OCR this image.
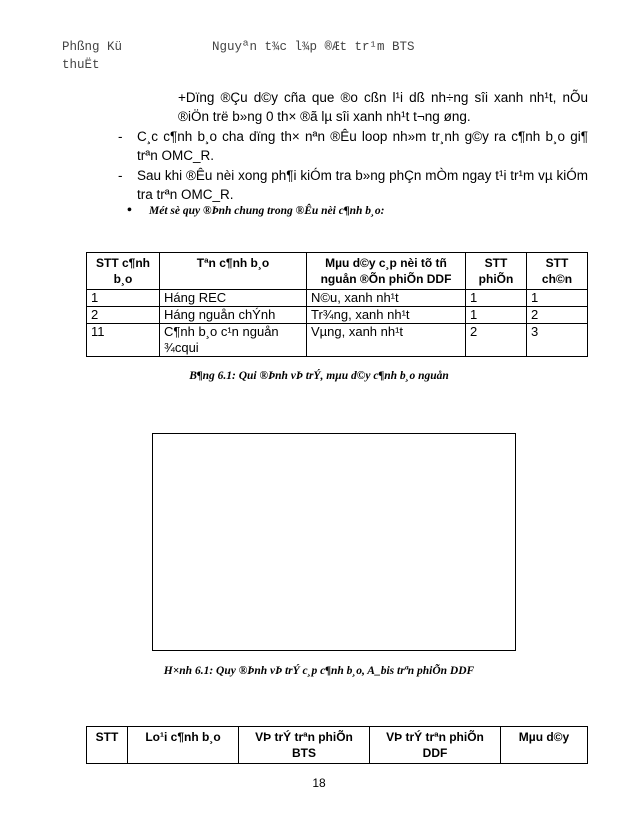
Phßng Kü thuËt
Nguyªn t¾c l¾p ®Æt tr¹m BTS
+Dïng ®Çu d©y cña que ®o cßn l¹i dß nh÷ng sîi xanh nh¹t, nÕu ®iÖn trë b»ng 0 th× ®ã lµ sîi xanh nh¹t t¬ng øng.
- C¸c c¶nh b¸o cha dïng th× nªn ®Êu loop nh»m tr¸nh g©y ra c¶nh b¸o gi¶ trªn OMC_R.
- Sau khi ®Êu nèi xong ph¶i kiÓm tra b»ng phÇn mÒm ngay t¹i tr¹m vµ kiÓm tra trªn OMC_R.
• Mét sè quy ®Þnh chung trong ®Êu nèi c¶nh b¸o:
STT c¶nh b¸o	Tªn c¶nh b¸o	Mµu d©y c¸p nèi tõ tñ nguån ®Õn phiÕn DDF	STT phiÕn	STT ch©n
1	Háng REC	N©u, xanh nh¹t	1	1
2	Háng nguån chÝnh	Tr¾ng, xanh nh¹t	1	2
11	C¶nh b¸o c¹n nguån ¾cqui	Vµng, xanh nh¹t	2	3
B¶ng 6.1: Qui ®Þnh vÞ trÝ, mµu d©y c¶nh b¸o nguån
H×nh 6.1: Quy ®Þnh vÞ trÝ c¸p c¶nh b¸o, A_bis trªn phiÕn DDF
STT	Lo¹i c¶nh b¸o	VÞ trÝ trªn phiÕn BTS	VÞ trÝ trªn phiÕn DDF	Mµu d©y
18
